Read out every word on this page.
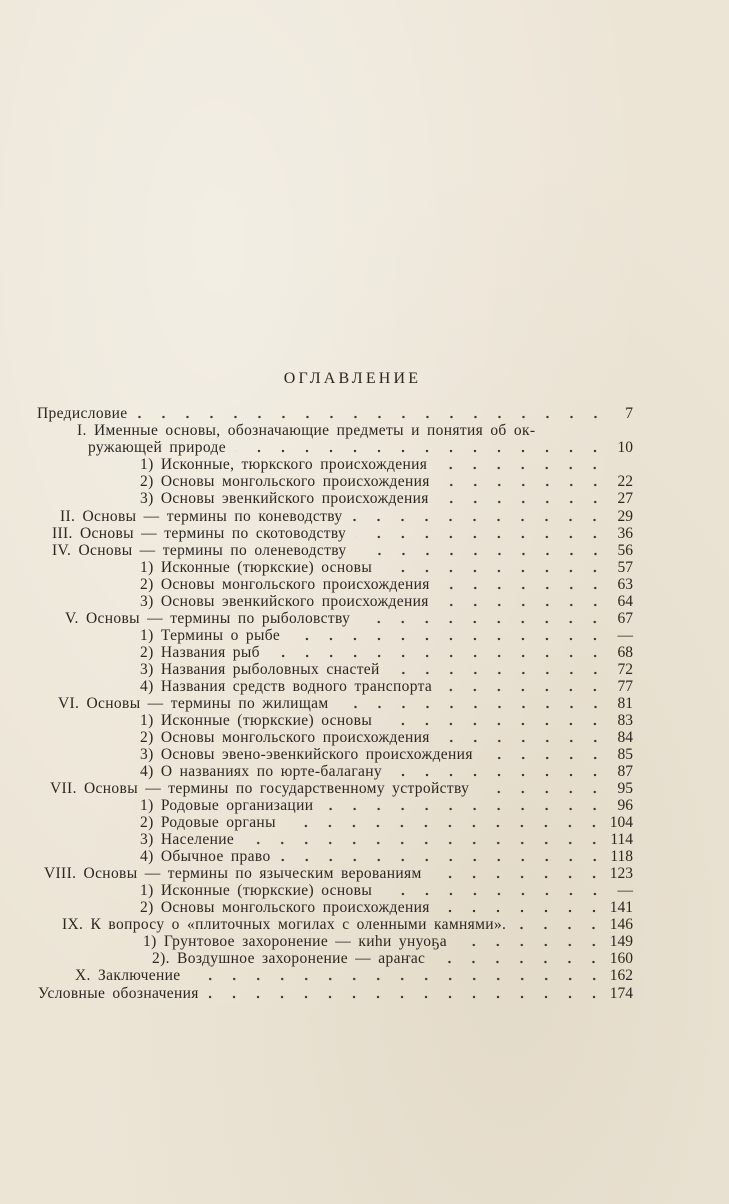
ОГЛАВЛЕНИЕ
Предисловие	7
I. Именные основы, обозначающие предметы и понятия об ок-
ружающей природе	10
1) Исконные, тюркского происхождения
2) Основы монгольского происхождения	22
3) Основы эвенкийского происхождения	27
II. Основы — термины по коневодству	29
III. Основы — термины по скотоводству	36
IV. Основы — термины по оленеводству	56
1) Исконные (тюркские) основы	57
2) Основы монгольского происхождения	63
3) Основы эвенкийского происхождения	64
V. Основы — термины по рыболовству	67
1) Термины о рыбе	—
2) Названия рыб	68
3) Названия рыболовных снастей	72
4) Названия средств водного транспорта	77
VI. Основы — термины по жилищам	81
1) Исконные (тюркские) основы	83
2) Основы монгольского происхождения	84
3) Основы эвено-эвенкийского происхождения	85
4) О названиях по юрте-балагану	87
VII. Основы — термины по государственному устройству	95
1) Родовые организации	96
2) Родовые органы	104
3) Население	114
4) Обычное право	118
VIII. Основы — термины по языческим верованиям	123
1) Исконные (тюркские) основы	—
2) Основы монгольского происхождения	141
IX. К вопросу о «плиточных могилах с оленными камнями».	146
1) Грунтовое захоронение — киhи унуоҕа	149
2). Воздушное захоронение — араҥас	160
X. Заключение	162
Условные обозначения	174
